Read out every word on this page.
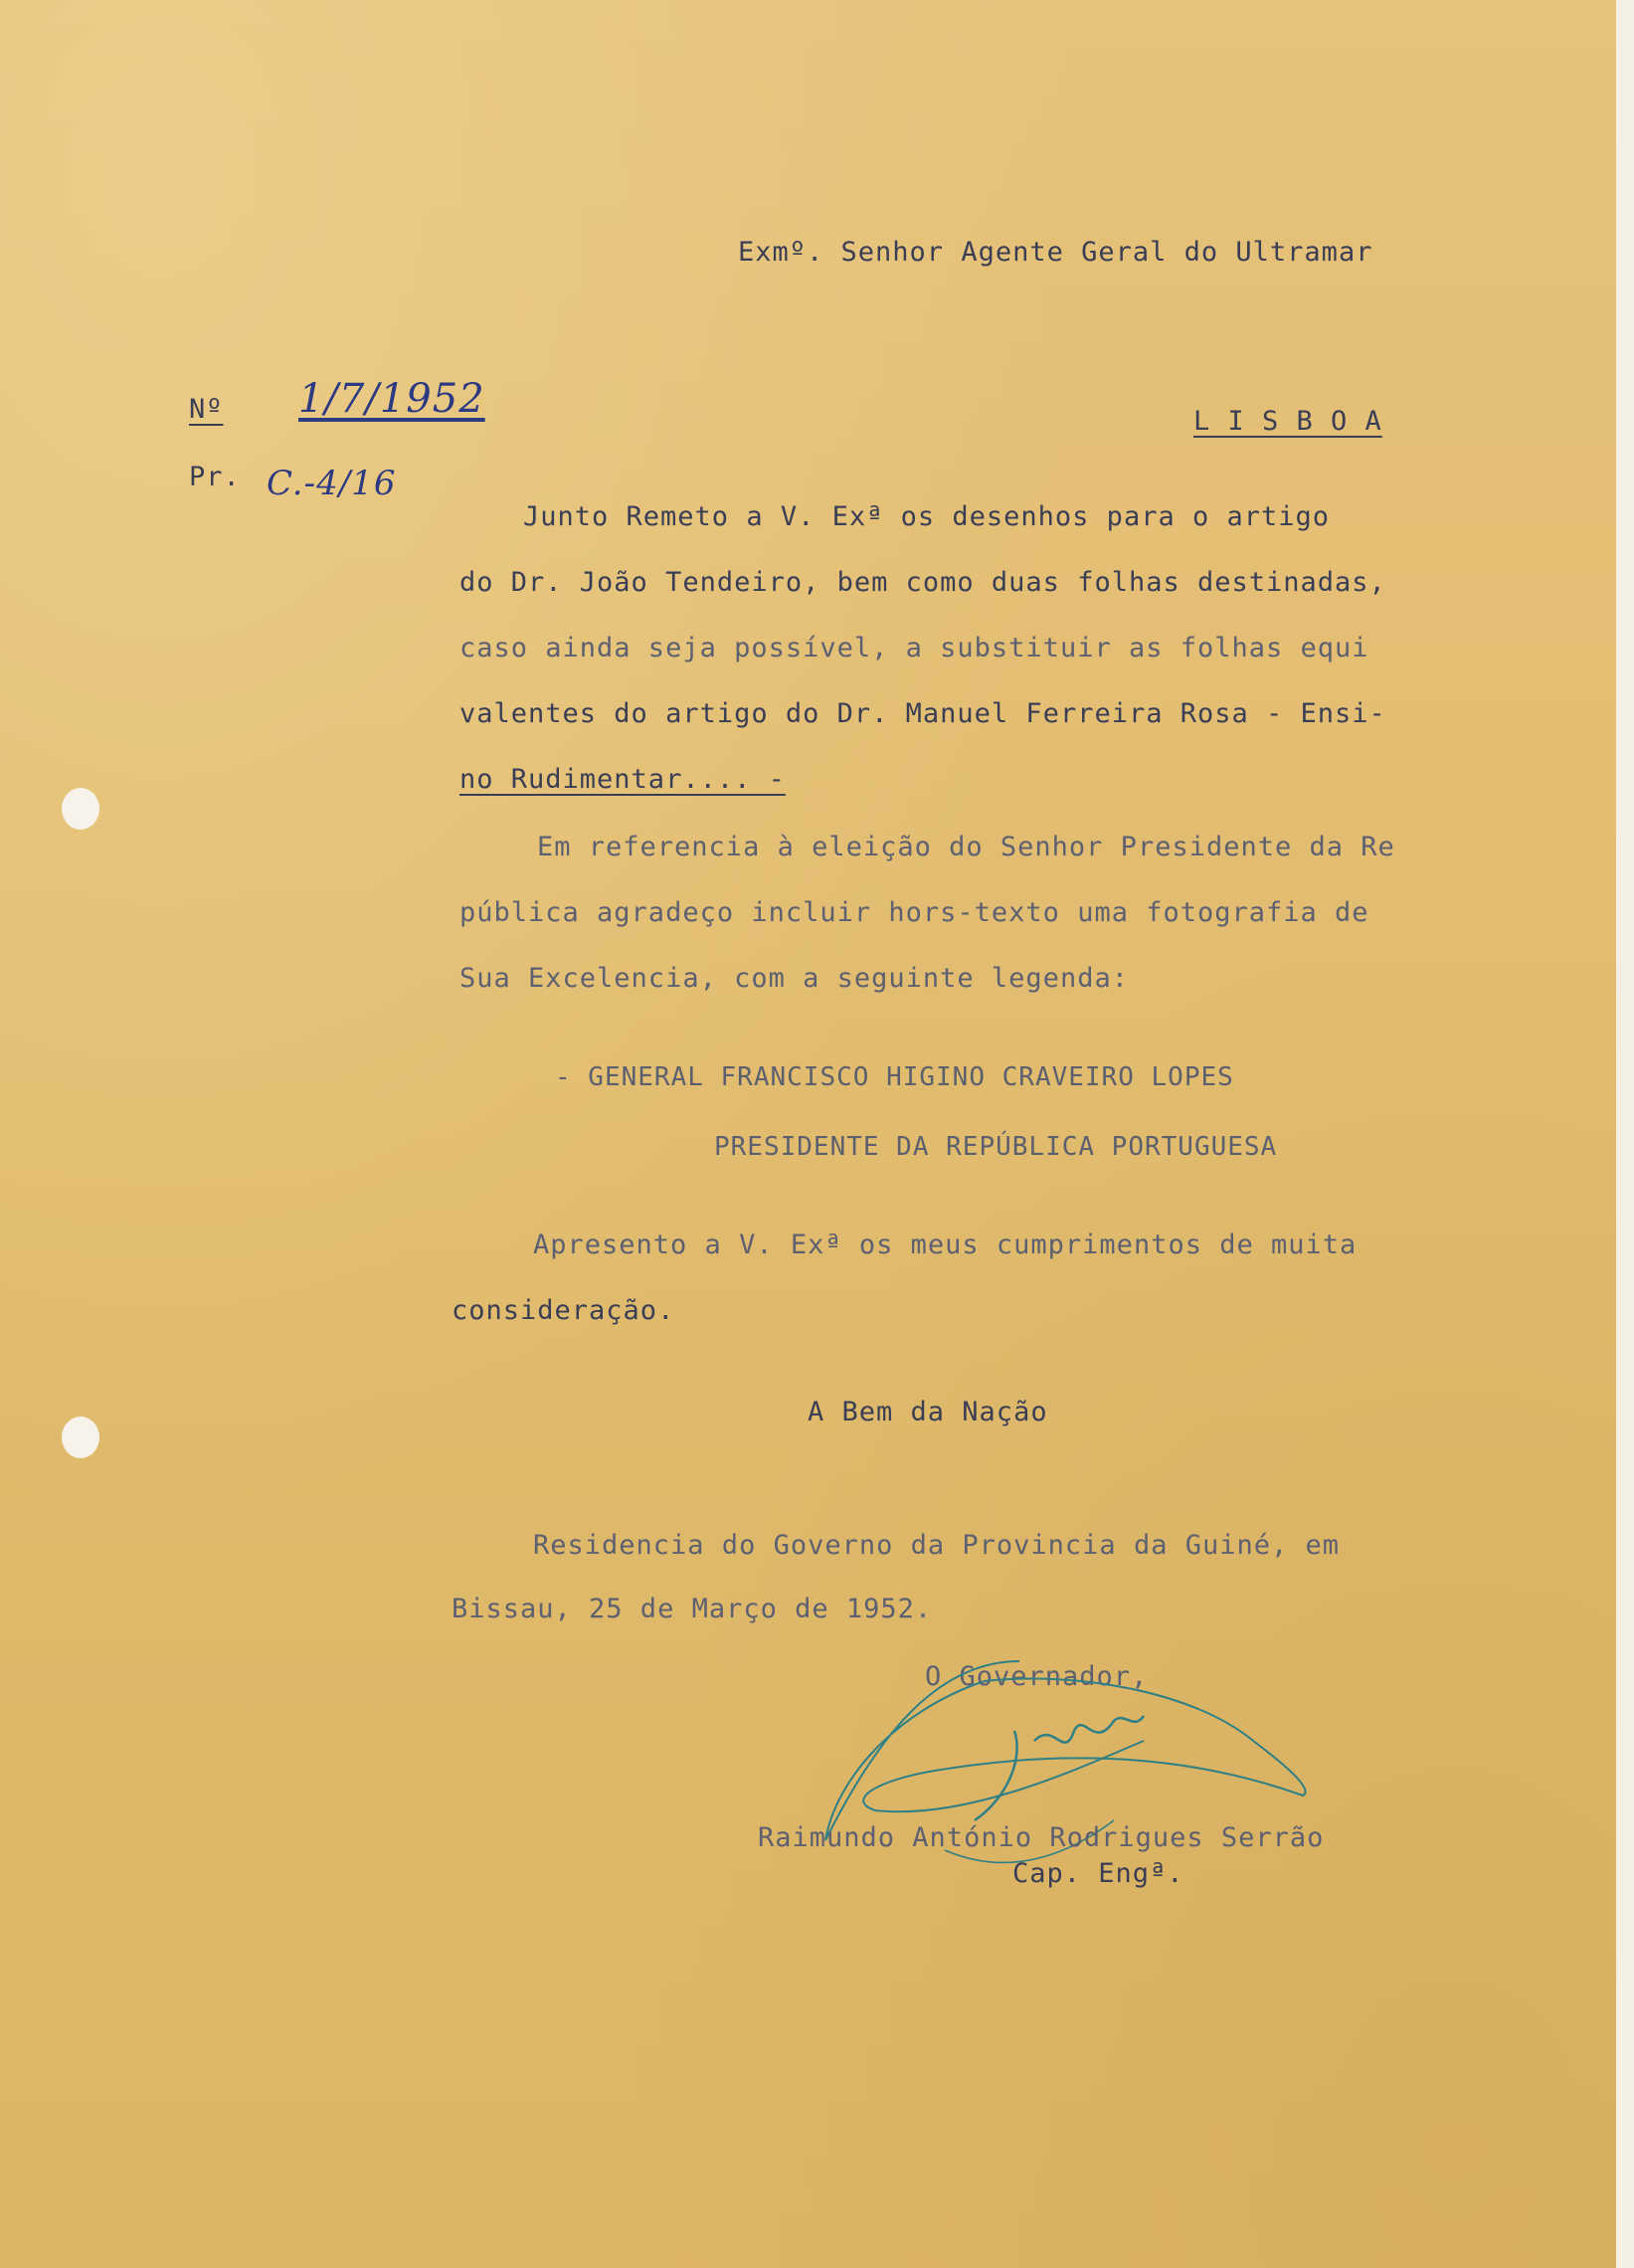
Exmº. Senhor Agente Geral do Ultramar
Nº 1/7/1952	L I S B O A
Pr. C.-4/16
Junto Remeto a V. Exª os desenhos para o artigo
do Dr. João Tendeiro, bem como duas folhas destinadas,
caso ainda seja possível, a substituir as folhas equi
valentes do artigo do Dr. Manuel Ferreira Rosa - Ensi-
no Rudimentar.... -
Em referencia à eleição do Senhor Presidente da Re
pública agradeço incluir hors-texto uma fotografia de
Sua Excelencia, com a seguinte legenda:
- GENERAL FRANCISCO HIGINO CRAVEIRO LOPES
PRESIDENTE DA REPÚBLICA PORTUGUESA
Apresento a V. Exª os meus cumprimentos de muita
consideração.
A Bem da Nação
Residencia do Governo da Provincia da Guiné, em
Bissau, 25 de Março de 1952.
O Governador,
Raimundo António Rodrigues Serrão
Cap. Engª.
